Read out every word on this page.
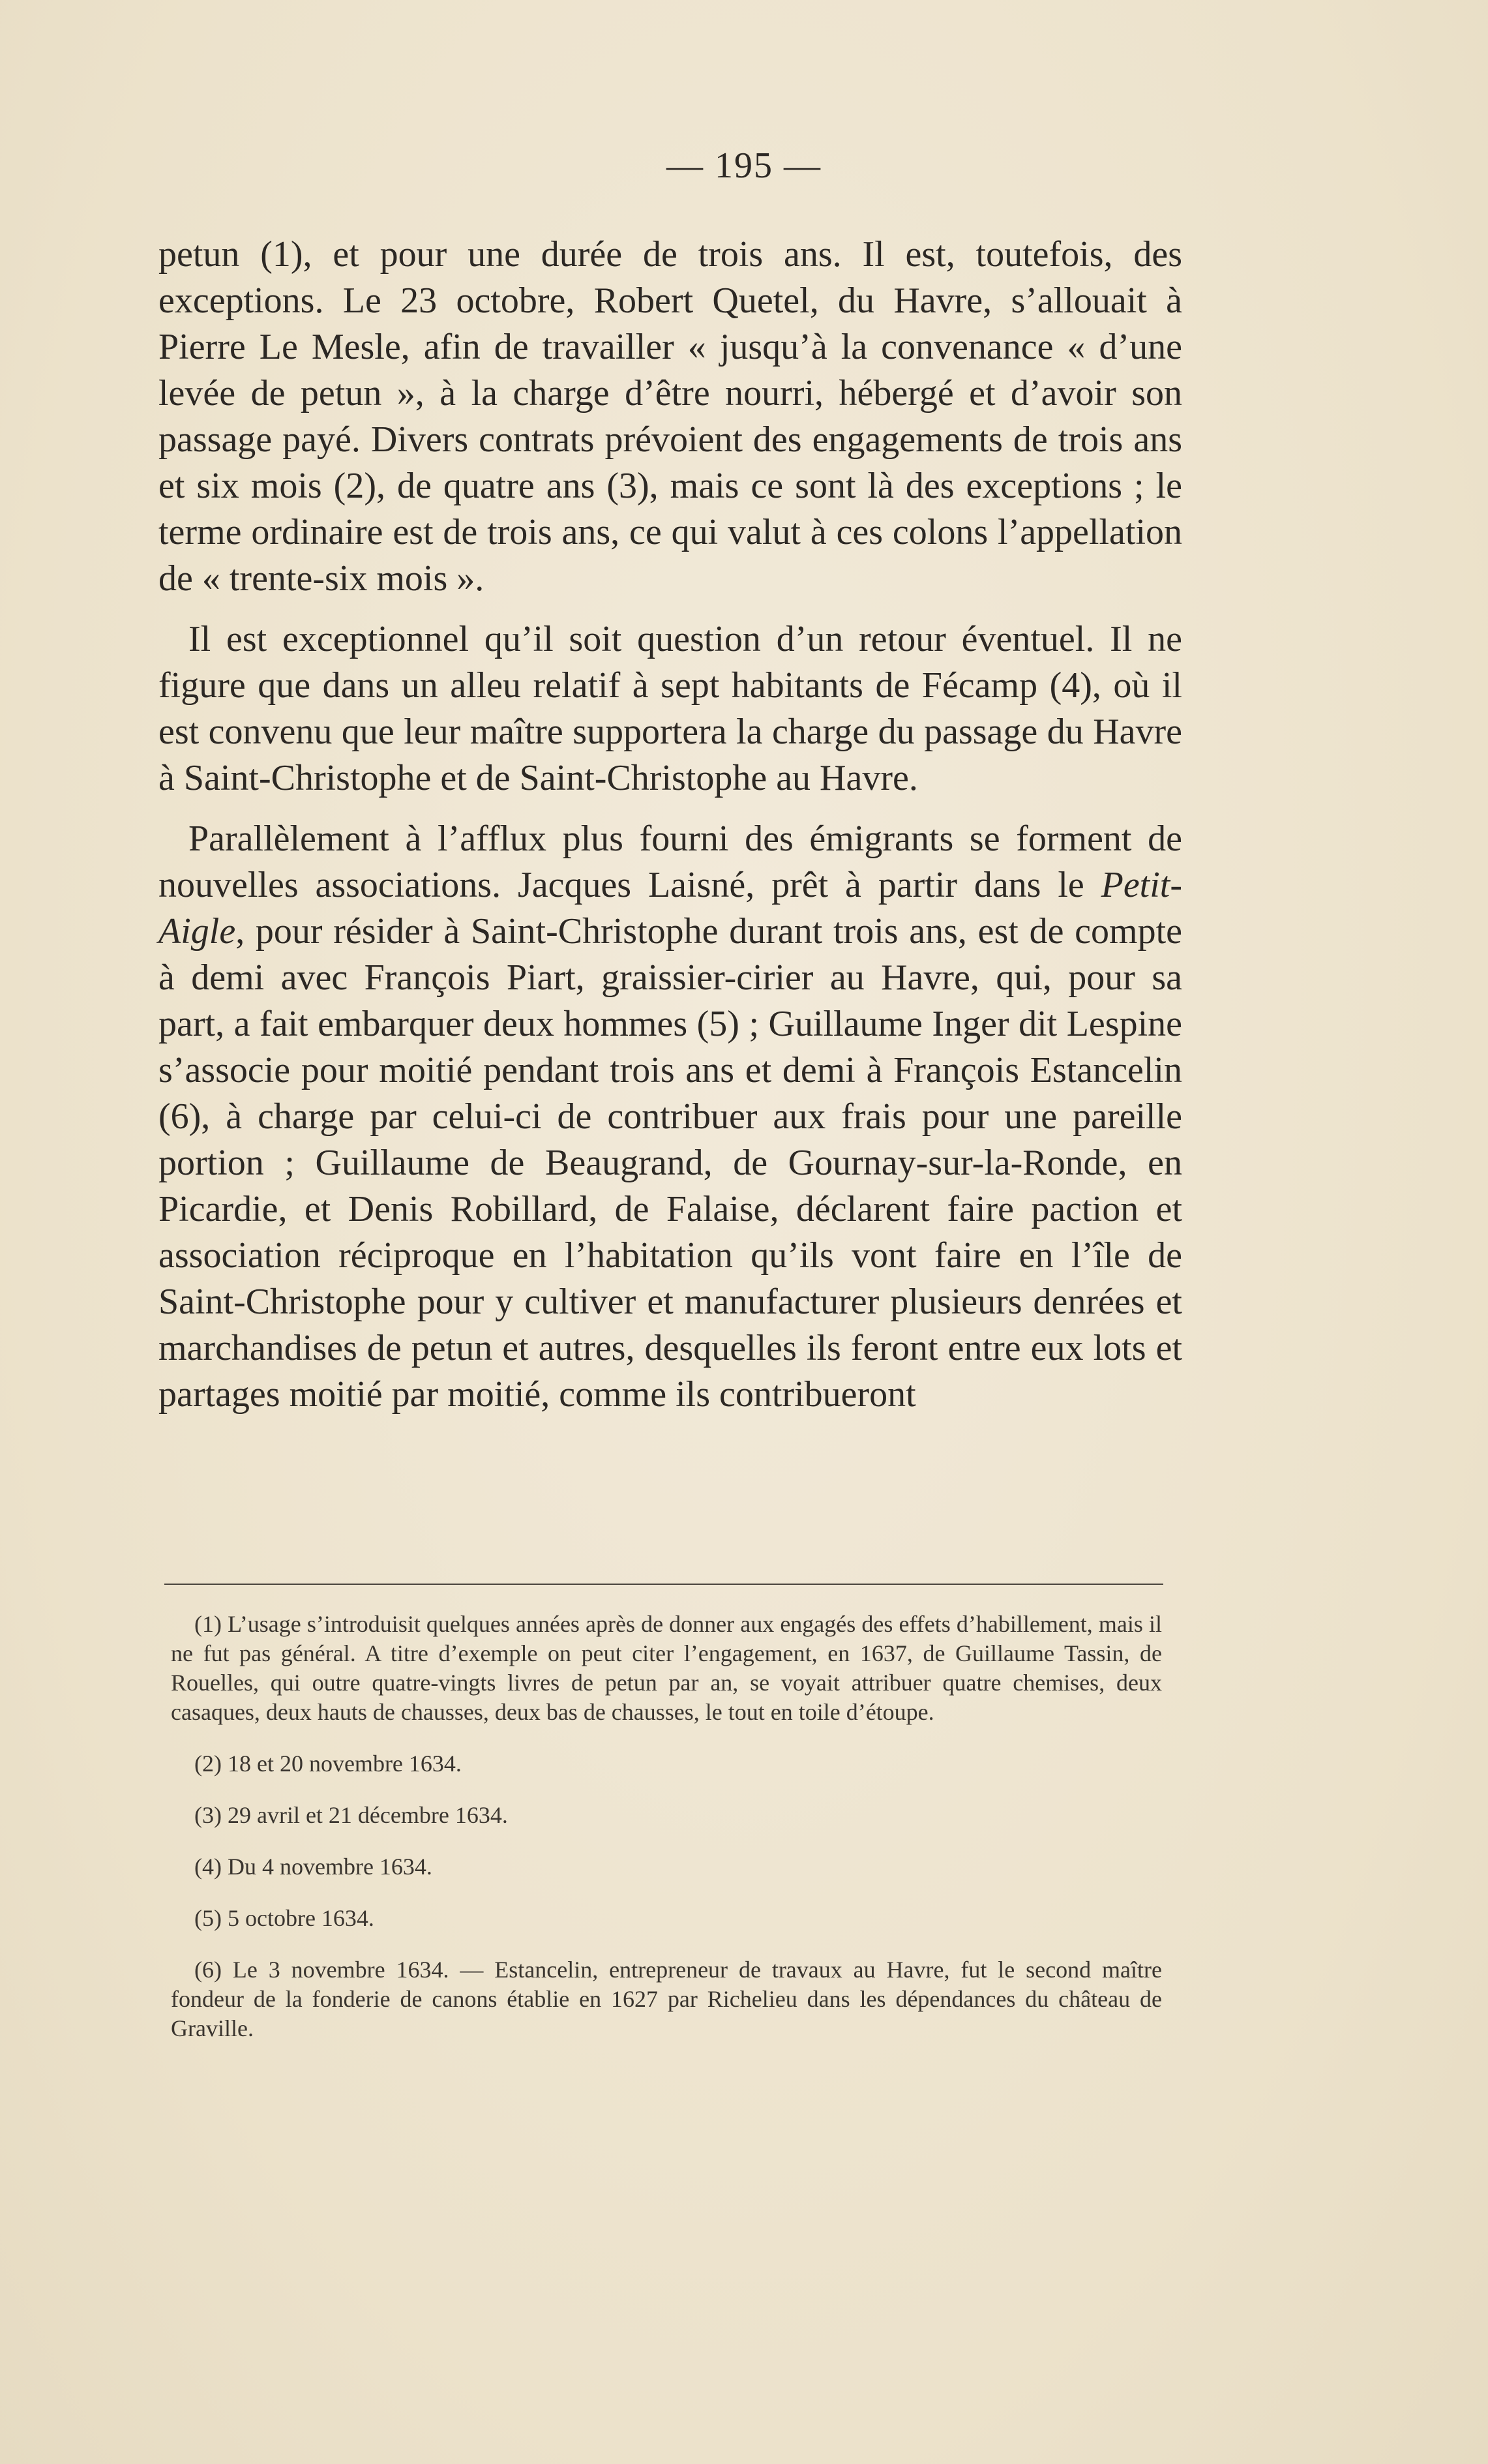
— 195 —

petun (1), et pour une durée de trois ans. Il est, toutefois, des exceptions. Le 23 octobre, Robert Quetel, du Havre, s’allouait à Pierre Le Mesle, afin de travailler « jusqu’à la convenance « d’une levée de petun », à la charge d’être nourri, hébergé et d’avoir son passage payé. Divers contrats prévoient des engagements de trois ans et six mois (2), de quatre ans (3), mais ce sont là des exceptions ; le terme ordinaire est de trois ans, ce qui valut à ces colons l’appellation de « trente-six mois ».

Il est exceptionnel qu’il soit question d’un retour éventuel. Il ne figure que dans un alleu relatif à sept habitants de Fécamp (4), où il est convenu que leur maître supportera la charge du passage du Havre à Saint-Christophe et de Saint-Christophe au Havre.

Parallèlement à l’afflux plus fourni des émigrants se forment de nouvelles associations. Jacques Laisné, prêt à partir dans le Petit-Aigle, pour résider à Saint-Christophe durant trois ans, est de compte à demi avec François Piart, graissier-cirier au Havre, qui, pour sa part, a fait embarquer deux hommes (5) ; Guillaume Inger dit Lespine s’associe pour moitié pendant trois ans et demi à François Estancelin (6), à charge par celui-ci de contribuer aux frais pour une pareille portion ; Guillaume de Beaugrand, de Gournay-sur-la-Ronde, en Picardie, et Denis Robillard, de Falaise, déclarent faire paction et association réciproque en l’habitation qu’ils vont faire en l’île de Saint-Christophe pour y cultiver et manufacturer plusieurs denrées et marchandises de petun et autres, desquelles ils feront entre eux lots et partages moitié par moitié, comme ils contribueront

(1) L’usage s’introduisit quelques années après de donner aux engagés des effets d’habillement, mais il ne fut pas général. A titre d’exemple on peut citer l’engagement, en 1637, de Guillaume Tassin, de Rouelles, qui outre quatre-vingts livres de petun par an, se voyait attribuer quatre chemises, deux casaques, deux hauts de chausses, deux bas de chausses, le tout en toile d’étoupe.

(2) 18 et 20 novembre 1634.

(3) 29 avril et 21 décembre 1634.

(4) Du 4 novembre 1634.

(5) 5 octobre 1634.

(6) Le 3 novembre 1634. — Estancelin, entrepreneur de travaux au Havre, fut le second maître fondeur de la fonderie de canons établie en 1627 par Richelieu dans les dépendances du château de Graville.
